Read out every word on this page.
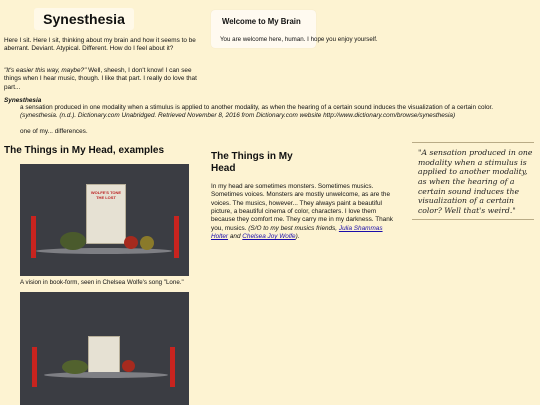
Synesthesia	Welcome to My Brain
You are welcome here, human. I hope you enjoy yourself.
Here I sit. Here I sit, thinking about my brain and how it seems to be aberrant. Deviant. Atypical. Different. How do I feel about it?
"It's easier this way, maybe?" Well, sheesh, I don't know! I can see things when I hear music, though. I like that part. I really do love that part...
Synesthesia
a sensation produced in one modality when a stimulus is applied to another modality, as when the hearing of a certain sound induces the visualization of a certain color.
(synesthesia. (n.d.). Dictionary.com Unabridged. Retrieved November 8, 2016 from Dictionary.com website http://www.dictionary.com/browse/synesthesia)
one of my... differences.
The Things in My Head, examples
WOLFE'S TONE
THE LOST
A vision in book-form, seen in Chelsea Wolfe's song "Lone."
The Things in My Head
In my head are sometimes monsters. Sometimes musics. Sometimes voices. Monsters are mostly unwelcome, as are the voices. The musics, however... They always paint a beautiful picture, a beautiful cinema of color, characters. I love them because they comfort me. They carry me in my darkness. Thank you, musics. (S/O to my best musics friends, Julia Shammas Holter and Chelsea Joy Wolfe).
"A sensation produced in one modality when a stimulus is applied to another modality, as when the hearing of a certain sound induces the visualization of a certain color? Well that's weird."
